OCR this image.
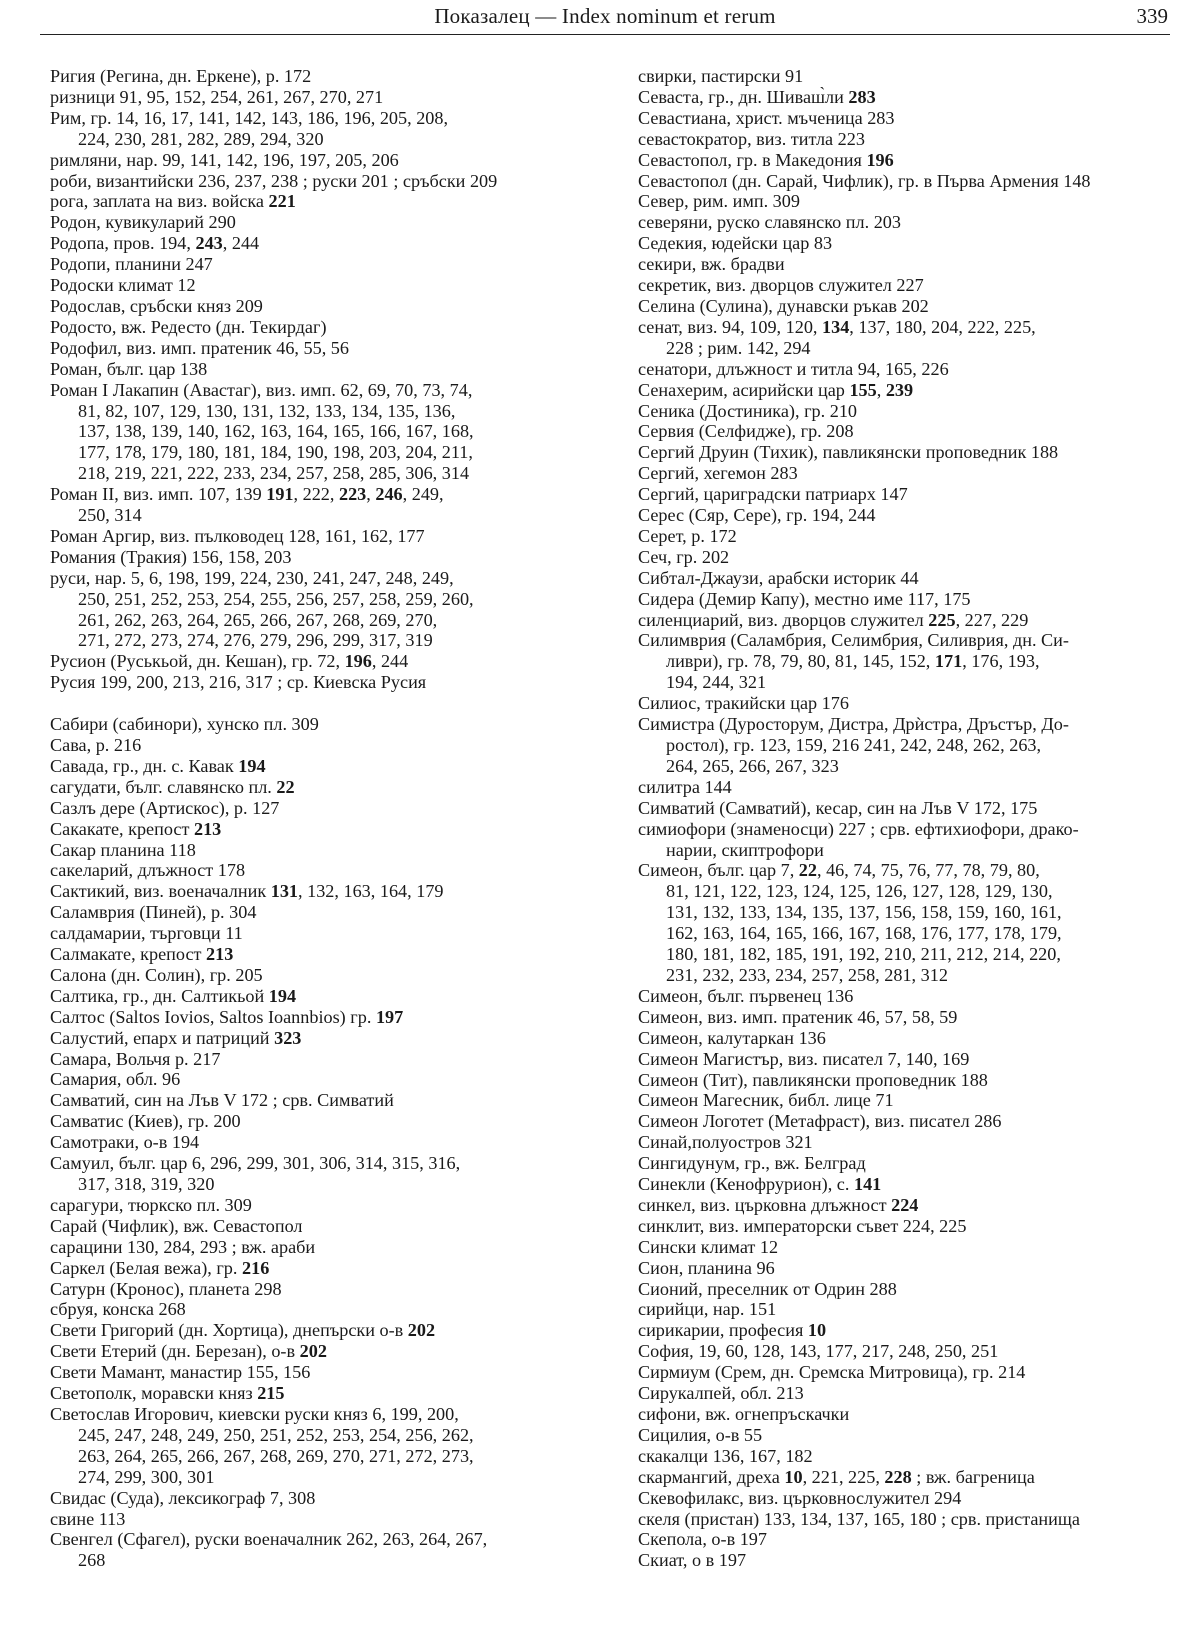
Показалец — Index nominum et rerum	339

Ригия (Регина, дн. Еркене), р. 172

ризници 91, 95, 152, 254, 261, 267, 270, 271

Рим, гр. 14, 16, 17, 141, 142, 143, 186, 196, 205, 208,
224, 230, 281, 282, 289, 294, 320

римляни, нар. 99, 141, 142, 196, 197, 205, 206

роби, византийски 236, 237, 238 ; руски 201 ; сръбски 209

рога, заплата на виз. войска 221

Родон, кувикуларий 290

Родопа, пров. 194, 243, 244

Родопи, планини 247

Родоски климат 12

Родослав, сръбски княз 209

Родосто, вж. Редесто (дн. Текирдаг)

Родофил, виз. имп. пратеник 46, 55, 56

Роман, бълг. цар 138

Роман I Лакапин (Авастаг), виз. имп. 62, 69, 70, 73, 74,
81, 82, 107, 129, 130, 131, 132, 133, 134, 135, 136,
137, 138, 139, 140, 162, 163, 164, 165, 166, 167, 168,
177, 178, 179, 180, 181, 184, 190, 198, 203, 204, 211,
218, 219, 221, 222, 233, 234, 257, 258, 285, 306, 314

Роман II, виз. имп. 107, 139 191, 222, 223, 246, 249,
250, 314

Роман Аргир, виз. пълководец 128, 161, 162, 177

Романия (Тракия) 156, 158, 203

руси, нар. 5, 6, 198, 199, 224, 230, 241, 247, 248, 249,
250, 251, 252, 253, 254, 255, 256, 257, 258, 259, 260,
261, 262, 263, 264, 265, 266, 267, 268, 269, 270,
271, 272, 273, 274, 276, 279, 296, 299, 317, 319

Русион (Руськьой, дн. Кешан), гр. 72, 196, 244

Русия 199, 200, 213, 216, 317 ; ср. Киевска Русия

Сабири (сабинори), хунско пл. 309

Сава, р. 216

Савада, гр., дн. с. Кавак 194

сагудати, бълг. славянско пл. 22

Сазлъ дере (Артискос), р. 127

Сакакате, крепост 213

Сакар планина 118

сакеларий, длъжност 178

Сактикий, виз. военачалник 131, 132, 163, 164, 179

Саламврия (Пиней), р. 304

салдамарии, търговци 11

Салмакате, крепост 213

Салона (дн. Солин), гр. 205

Салтика, гр., дн. Салтикьой 194

Салтос (Saltos Iovios, Saltos Ioannbios) гр. 197

Салустий, епарх и патриций 323

Самара, Вольчя р. 217

Самария, обл. 96

Самватий, син на Лъв V 172 ; срв. Симватий

Самватис (Киев), гр. 200

Самотраки, о-в 194

Самуил, бълг. цар 6, 296, 299, 301, 306, 314, 315, 316,
317, 318, 319, 320

сарагури, тюркско пл. 309

Сарай (Чифлик), вж. Севастопол

сарацини 130, 284, 293 ; вж. араби

Саркел (Белая вежа), гр. 216

Сатурн (Кронос), планета 298

сбруя, конска 268

Свети Григорий (дн. Хортица), днепърски о-в 202

Свети Етерий (дн. Березан), о-в 202

Свети Мамант, манастир 155, 156

Светополк, моравски княз 215

Светослав Игорович, киевски руски княз 6, 199, 200,
245, 247, 248, 249, 250, 251, 252, 253, 254, 256, 262,
263, 264, 265, 266, 267, 268, 269, 270, 271, 272, 273,
274, 299, 300, 301

Свидас (Суда), лексикограф 7, 308

свине 113

Свенгел (Сфагел), руски военачалник 262, 263, 264, 267,
268

свирки, пастирски 91

Севаста, гр., дн. Шиваш̀ли 283

Севастиана, христ. мъченица 283

севастократор, виз. титла 223

Севастопол, гр. в Македония 196

Севастопол (дн. Сарай, Чифлик), гр. в Първа Армения 148

Север, рим. имп. 309

северяни, руско славянско пл. 203

Седекия, юдейски цар 83

секири, вж. брадви

секретик, виз. дворцов служител 227

Селина (Сулина), дунавски ръкав 202

сенат, виз. 94, 109, 120, 134, 137, 180, 204, 222, 225,
228 ; рим. 142, 294

сенатори, длъжност и титла 94, 165, 226

Сенахерим, асирийски цар 155, 239

Сеника (Достиника), гр. 210

Сервия (Селфидже), гр. 208

Сергий Друин (Тихик), павликянски проповедник 188

Сергий, хегемон 283

Сергий, цариградски патриарх 147

Серес (Сяр, Сере), гр. 194, 244

Серет, р. 172

Сеч, гр. 202

Сибтал-Джаузи, арабски историк 44

Сидера (Демир Капу), местно име 117, 175

силенциарий, виз. дворцов служител 225, 227, 229

Силимврия (Саламбрия, Селимбрия, Силиврия, дн. Си-
ливри), гр. 78, 79, 80, 81, 145, 152, 171, 176, 193,
194, 244, 321

Силиос, тракийски цар 176

Симистра (Дуросторум, Дистра, Дрѝстра, Дръстър, До-
ростол), гр. 123, 159, 216 241, 242, 248, 262, 263,
264, 265, 266, 267, 323

силитра 144

Симватий (Самватий), кесар, син на Лъв V 172, 175

симиофори (знаменосци) 227 ; срв. ефтихиофори, драко-
нарии, скиптрофори

Симеон, бълг. цар 7, 22, 46, 74, 75, 76, 77, 78, 79, 80,
81, 121, 122, 123, 124, 125, 126, 127, 128, 129, 130,
131, 132, 133, 134, 135, 137, 156, 158, 159, 160, 161,
162, 163, 164, 165, 166, 167, 168, 176, 177, 178, 179,
180, 181, 182, 185, 191, 192, 210, 211, 212, 214, 220,
231, 232, 233, 234, 257, 258, 281, 312

Симеон, бълг. първенец 136

Симеон, виз. имп. пратеник 46, 57, 58, 59

Симеон, калутаркан 136

Симеон Магистър, виз. писател 7, 140, 169

Симеон (Тит), павликянски проповедник 188

Симеон Магесник, библ. лице 71

Симеон Логотет (Метафраст), виз. писател 286

Синай,полуостров 321

Сингидунум, гр., вж. Белград

Синекли (Кенофрурион), с. 141

синкел, виз. църковна длъжност 224

синклит, виз. императорски съвет 224, 225

Сински климат 12

Сион, планина 96

Сионий, преселник от Одрин 288

сирийци, нар. 151

сирикарии, професия 10

София, 19, 60, 128, 143, 177, 217, 248, 250, 251

Сирмиум (Срем, дн. Сремска Митровица), гр. 214

Сирукалпей, обл. 213

сифони, вж. огнепръскачки

Сицилия, о-в 55

скакалци 136, 167, 182

скармангий, дреха 10, 221, 225, 228 ; вж. багреница

Скевофилакс, виз. църковнослужител 294

скеля (пристан) 133, 134, 137, 165, 180 ; срв. пристанища

Скепола, о-в 197

Скиат, о в 197
